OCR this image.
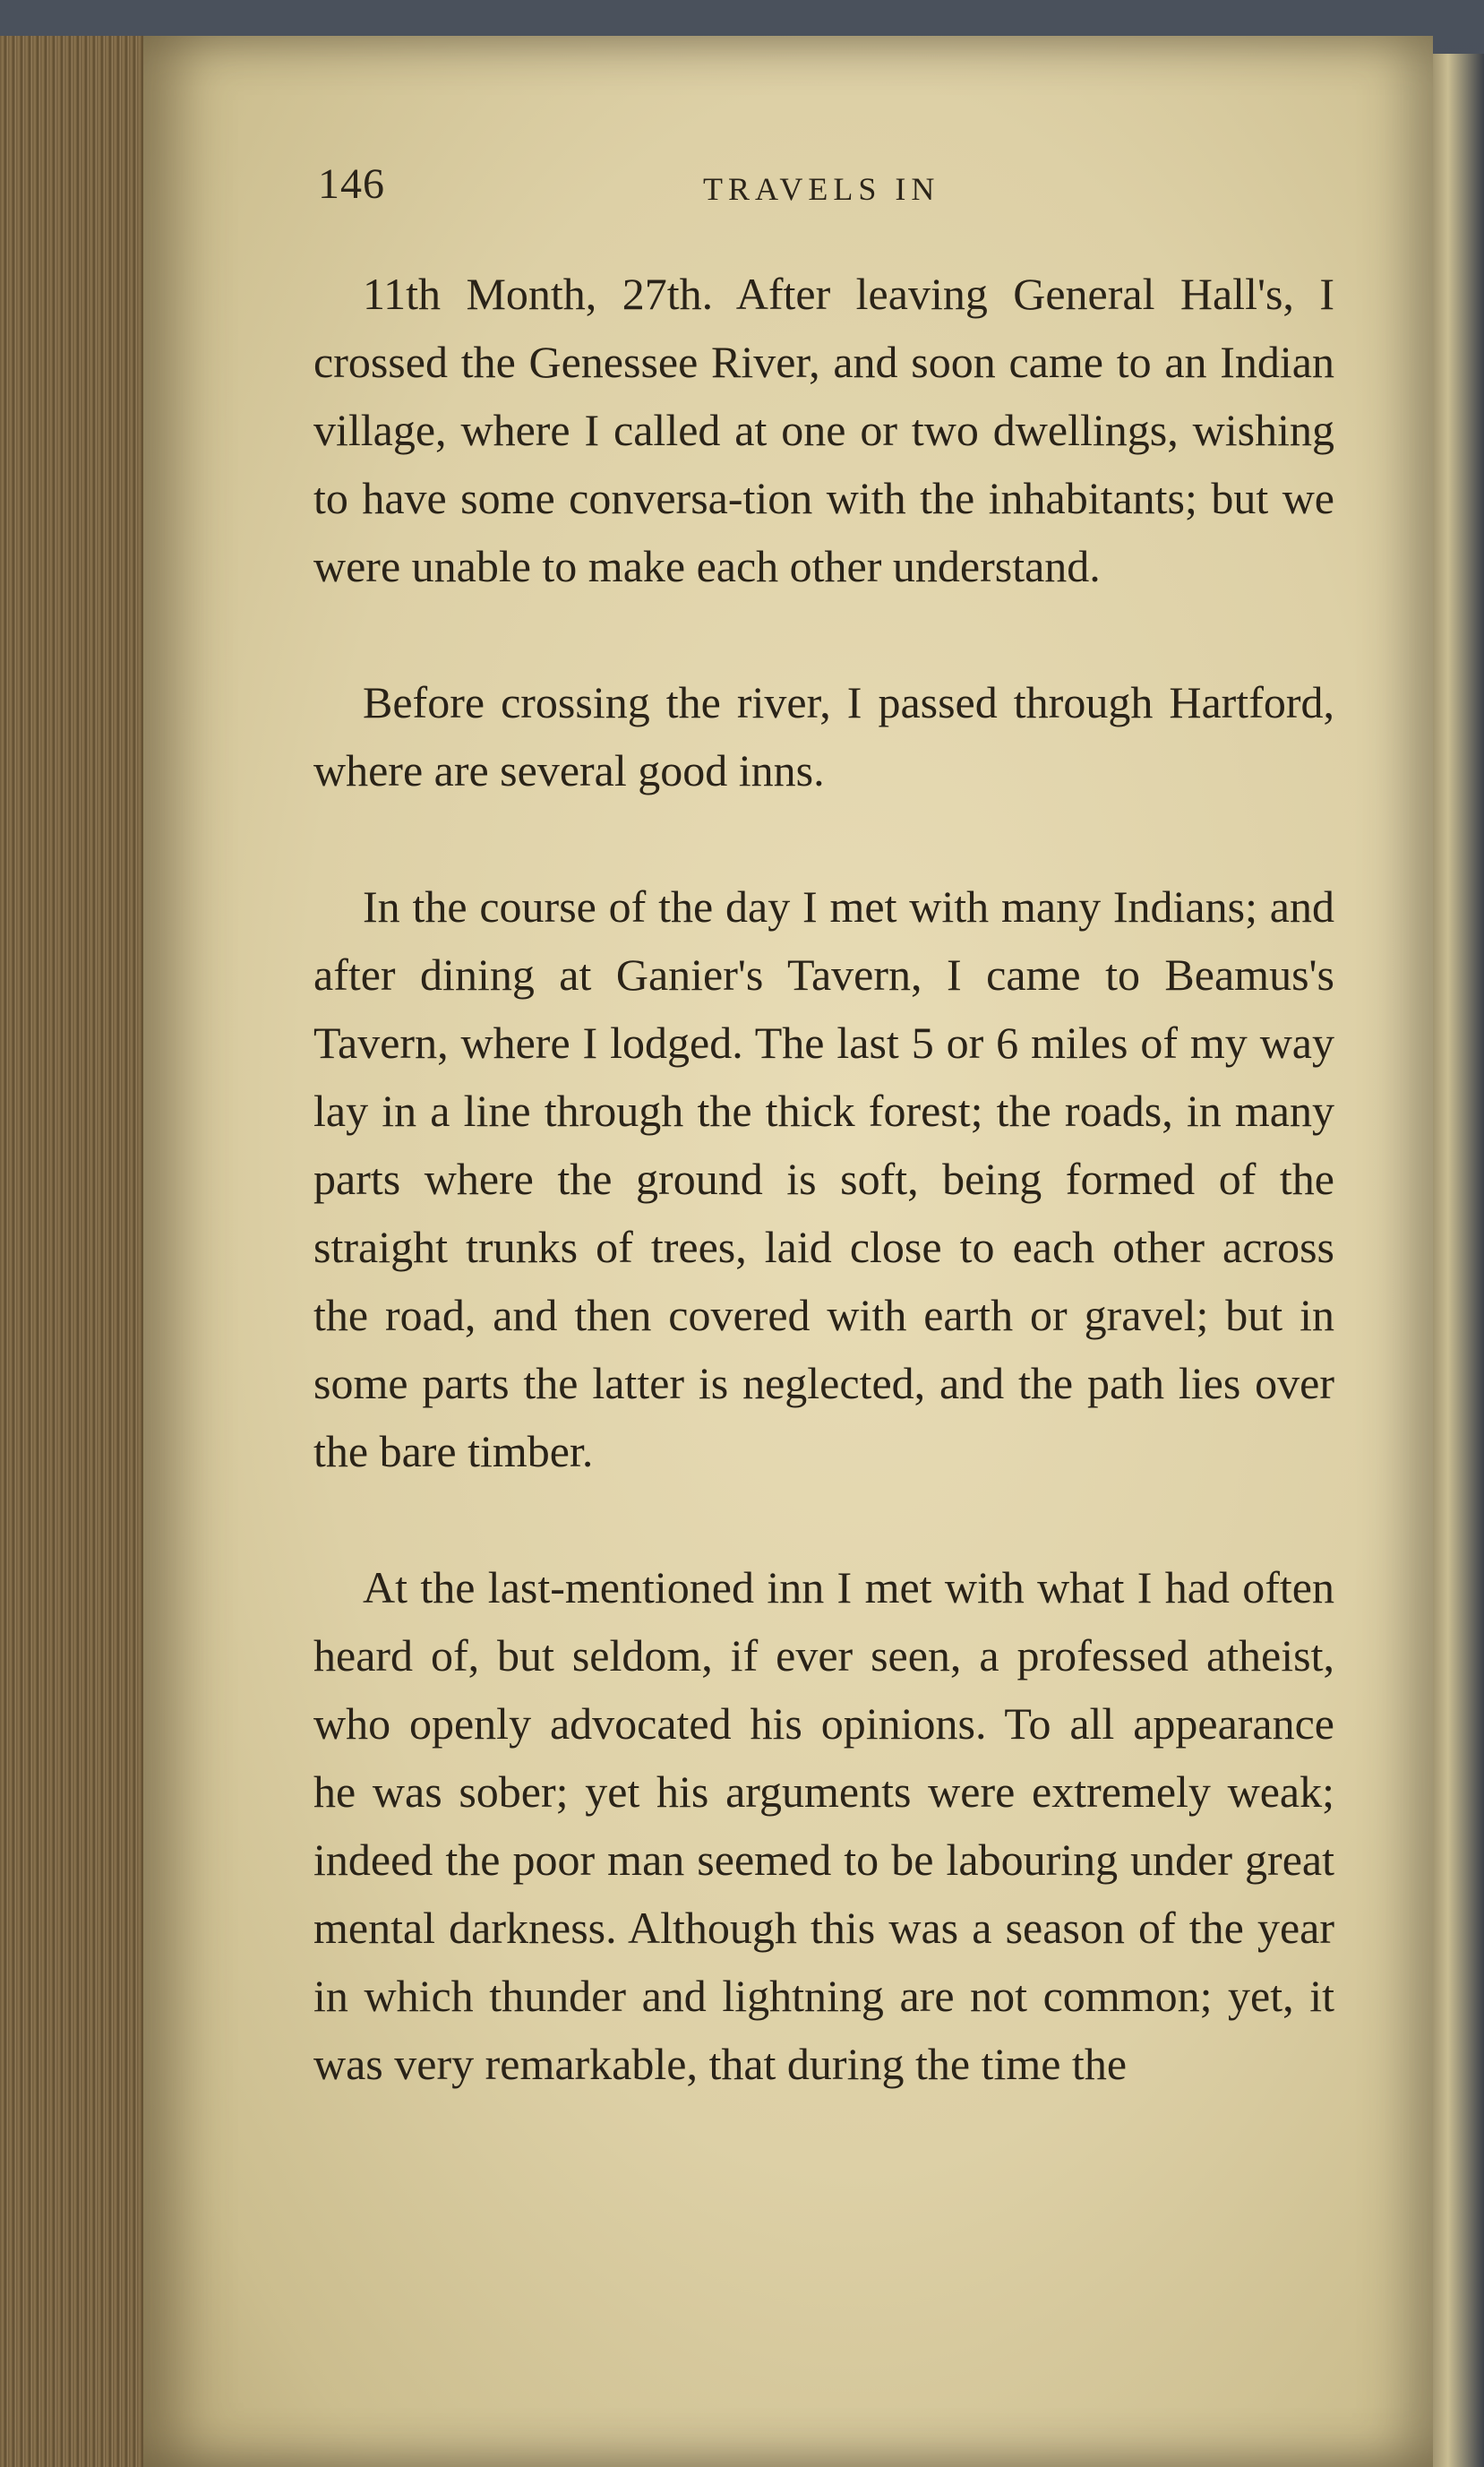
146	TRAVELS IN

11th Month, 27th. After leaving General Hall's, I crossed the Genessee River, and soon came to an Indian village, where I called at one or two dwellings, wishing to have some conversa-tion with the inhabitants; but we were unable to make each other understand.

Before crossing the river, I passed through Hartford, where are several good inns.

In the course of the day I met with many Indians; and after dining at Ganier's Tavern, I came to Beamus's Tavern, where I lodged. The last 5 or 6 miles of my way lay in a line through the thick forest; the roads, in many parts where the ground is soft, being formed of the straight trunks of trees, laid close to each other across the road, and then covered with earth or gravel; but in some parts the latter is neglected, and the path lies over the bare timber.

At the last-mentioned inn I met with what I had often heard of, but seldom, if ever seen, a professed atheist, who openly advocated his opinions. To all appearance he was sober; yet his arguments were extremely weak; indeed the poor man seemed to be labouring under great mental darkness. Although this was a season of the year in which thunder and lightning are not common; yet, it was very remarkable, that during the time the
